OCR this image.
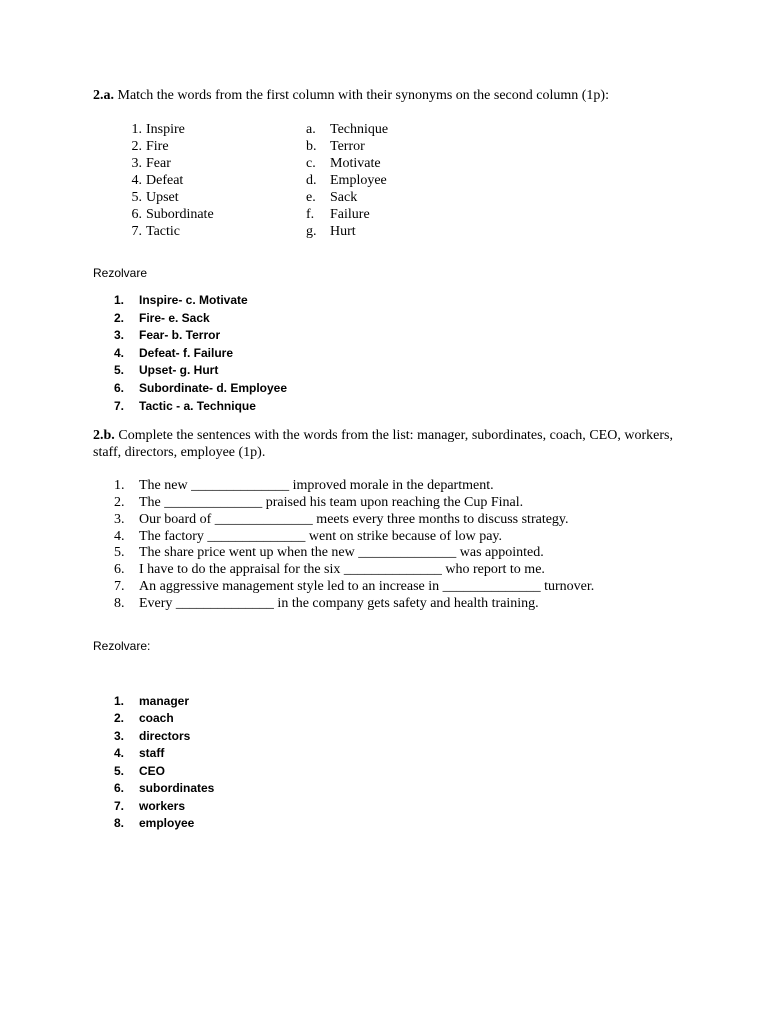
2.a. Match the words from the first column with their synonyms on the second column (1p):
1. Inspire	a. Technique
2. Fire	b. Terror
3. Fear	c. Motivate
4. Defeat	d. Employee
5. Upset	e. Sack
6. Subordinate	f. Failure
7. Tactic	g. Hurt
Rezolvare
1.	Inspire- c. Motivate
2.	Fire- e. Sack
3.	Fear- b. Terror
4.	Defeat- f. Failure
5.	Upset- g. Hurt
6.	Subordinate- d. Employee
7.	Tactic - a. Technique
2.b. Complete the sentences with the words from the list: manager, subordinates, coach, CEO, workers, staff, directors, employee (1p).
1.	The new ______________ improved morale in the department.
2.	The ______________ praised his team upon reaching the Cup Final.
3.	Our board of ______________ meets every three months to discuss strategy.
4.	The factory ______________ went on strike because of low pay.
5.	The share price went up when the new ______________ was appointed.
6.	I have to do the appraisal for the six ______________ who report to me.
7.	An aggressive management style led to an increase in ______________ turnover.
8.	Every ______________ in the company gets safety and health training.
Rezolvare:
1.	manager
2.	coach
3.	directors
4.	staff
5.	CEO
6.	subordinates
7.	workers
8.	employee
